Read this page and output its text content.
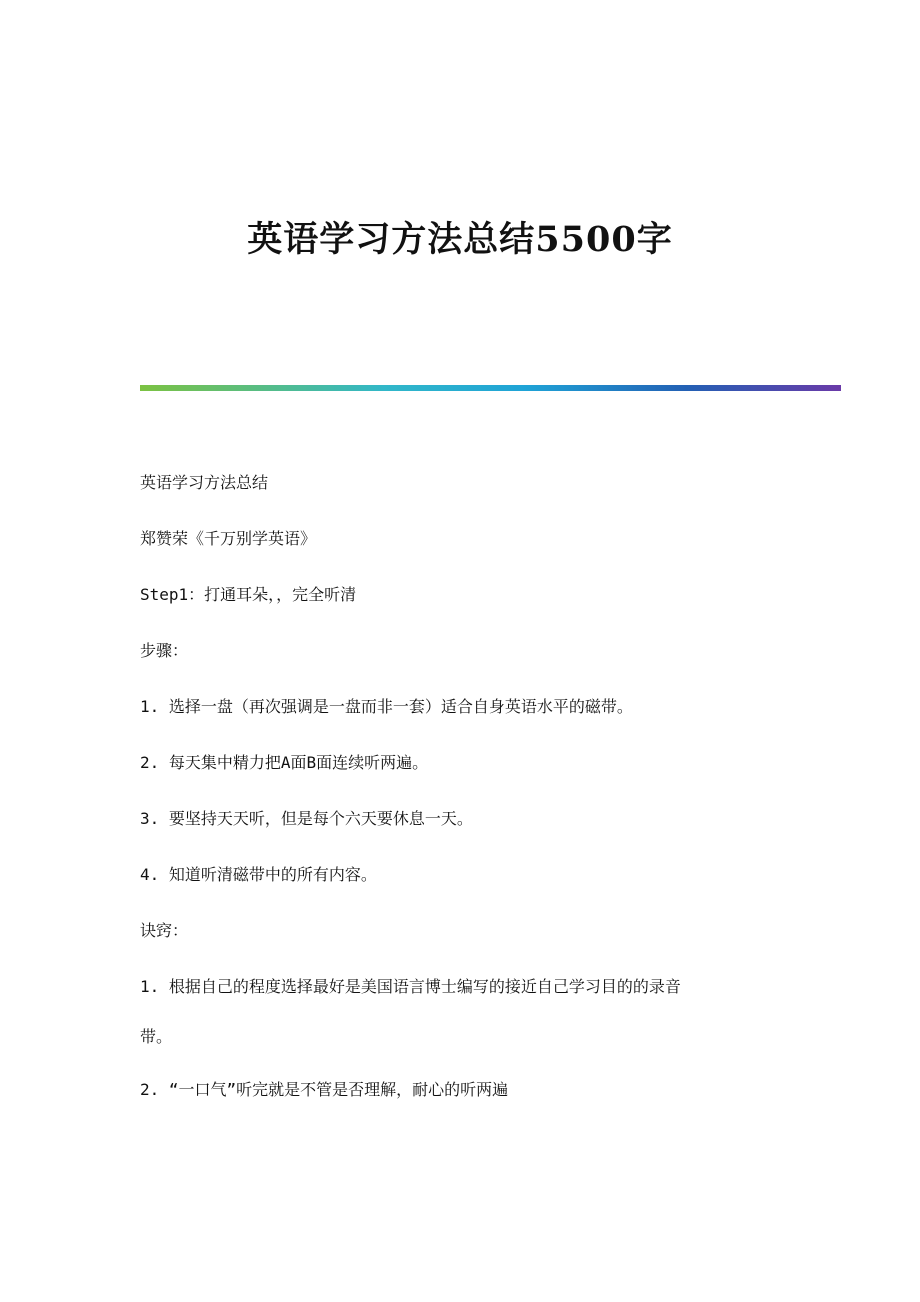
英语学习方法总结5500字

英语学习方法总结

郑赞荣《千万别学英语》

Step1：打通耳朵，，完全听清

步骤：

1. 选择一盘（再次强调是一盘而非一套）适合自身英语水平的磁带。

2. 每天集中精力把A面B面连续听两遍。

3. 要坚持天天听，但是每个六天要休息一天。

4. 知道听清磁带中的所有内容。

诀窍：

1. 根据自己的程度选择最好是美国语言博士编写的接近自己学习目的的录音
带。

2. “一口气”听完就是不管是否理解，耐心的听两遍
